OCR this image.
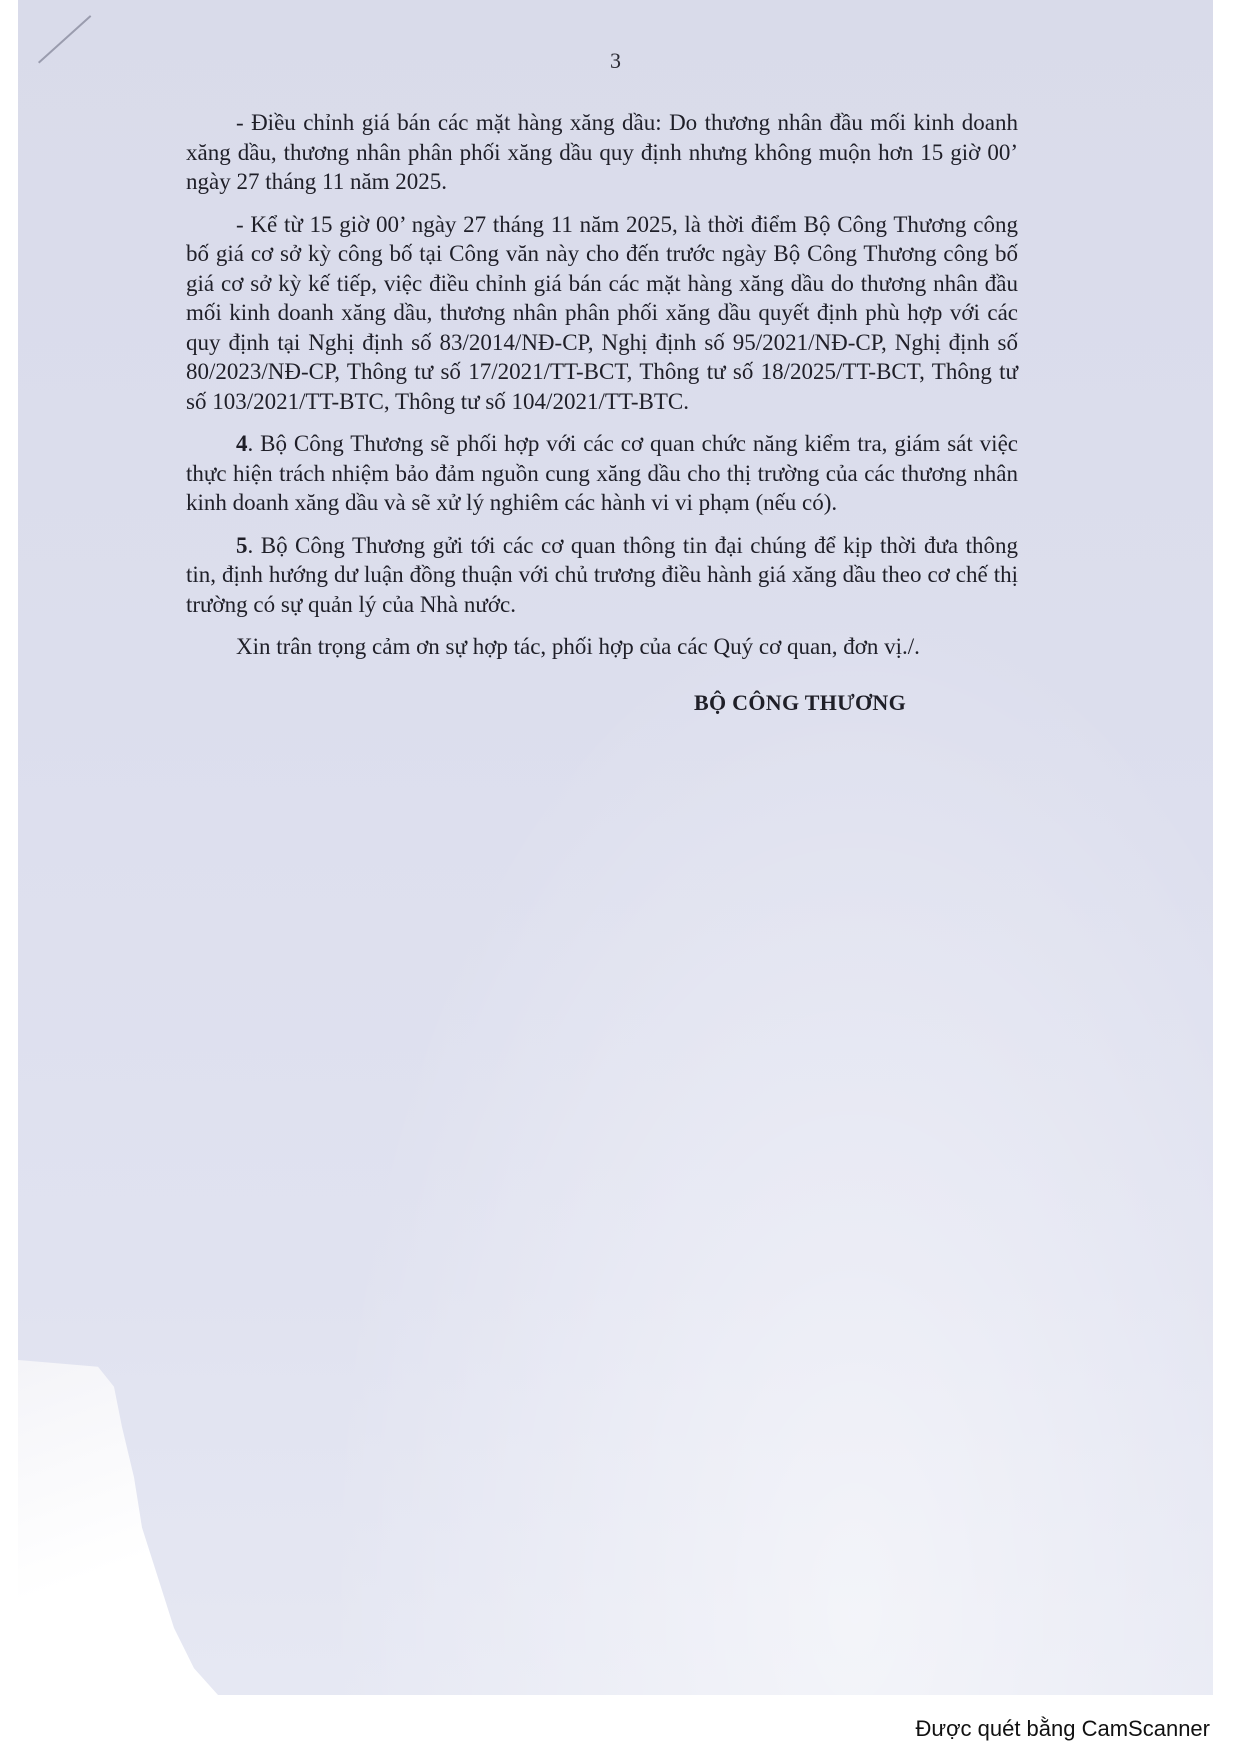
3

- Điều chỉnh giá bán các mặt hàng xăng dầu: Do thương nhân đầu mối kinh doanh xăng dầu, thương nhân phân phối xăng dầu quy định nhưng không muộn hơn 15 giờ 00’ ngày 27 tháng 11 năm 2025.

- Kể từ 15 giờ 00’ ngày 27 tháng 11 năm 2025, là thời điểm Bộ Công Thương công bố giá cơ sở kỳ công bố tại Công văn này cho đến trước ngày Bộ Công Thương công bố giá cơ sở kỳ kế tiếp, việc điều chỉnh giá bán các mặt hàng xăng dầu do thương nhân đầu mối kinh doanh xăng dầu, thương nhân phân phối xăng dầu quyết định phù hợp với các quy định tại Nghị định số 83/2014/NĐ-CP, Nghị định số 95/2021/NĐ-CP, Nghị định số 80/2023/NĐ-CP, Thông tư số 17/2021/TT-BCT, Thông tư số 18/2025/TT-BCT, Thông tư số 103/2021/TT-BTC, Thông tư số 104/2021/TT-BTC.

4. Bộ Công Thương sẽ phối hợp với các cơ quan chức năng kiểm tra, giám sát việc thực hiện trách nhiệm bảo đảm nguồn cung xăng dầu cho thị trường của các thương nhân kinh doanh xăng dầu và sẽ xử lý nghiêm các hành vi vi phạm (nếu có).

5. Bộ Công Thương gửi tới các cơ quan thông tin đại chúng để kịp thời đưa thông tin, định hướng dư luận đồng thuận với chủ trương điều hành giá xăng dầu theo cơ chế thị trường có sự quản lý của Nhà nước.

Xin trân trọng cảm ơn sự hợp tác, phối hợp của các Quý cơ quan, đơn vị./.

BỘ CÔNG THƯƠNG
Được quét bằng CamScanner
